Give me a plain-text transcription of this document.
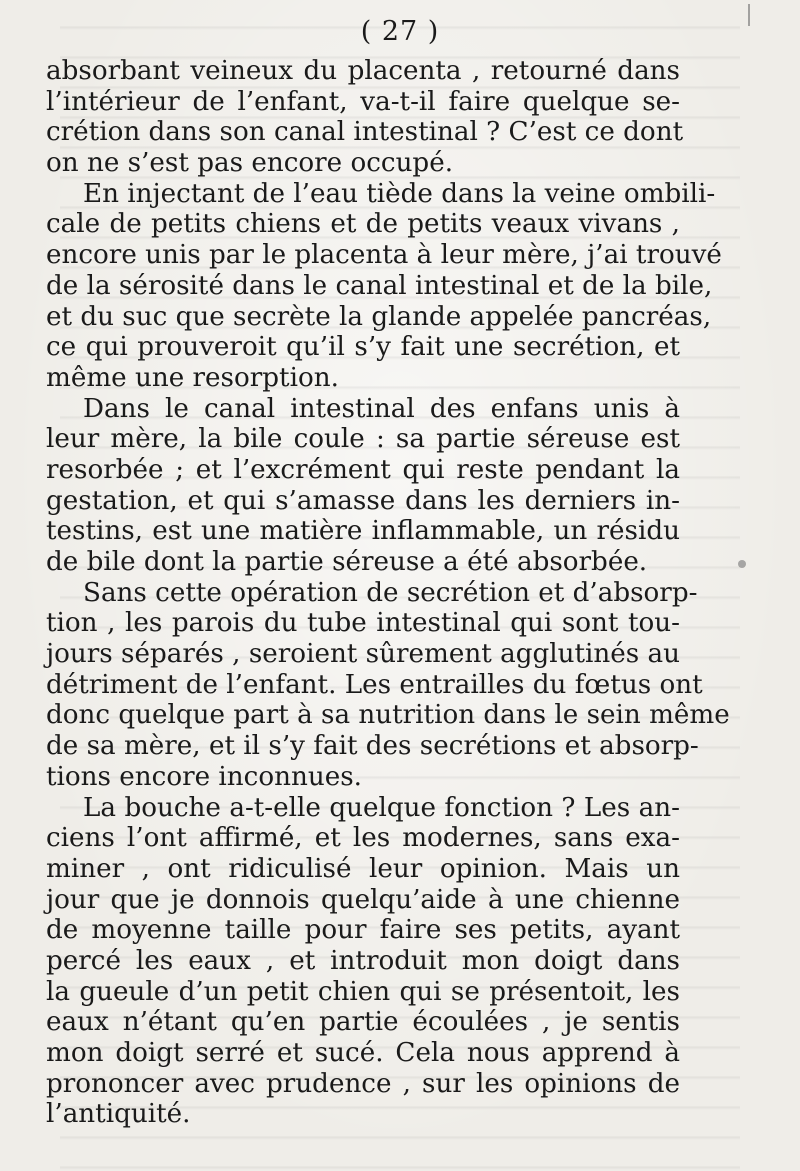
( 27 )
absorbant veineux du placenta , retourné dans
l’intérieur de l’enfant, va-t-il faire quelque se-
crétion dans son canal intestinal ? C’est ce dont
on ne s’est pas encore occupé.
En injectant de l’eau tiède dans la veine ombili-
cale de petits chiens et de petits veaux vivans ,
encore unis par le placenta à leur mère, j’ai trouvé
de la sérosité dans le canal intestinal et de la bile,
et du suc que secrète la glande appelée pancréas,
ce qui prouveroit qu’il s’y fait une secrétion, et
même une resorption.
Dans le canal intestinal des enfans unis à
leur mère, la bile coule : sa partie séreuse est
resorbée ; et l’excrément qui reste pendant la
gestation, et qui s’amasse dans les derniers in-
testins, est une matière inflammable, un résidu
de bile dont la partie séreuse a été absorbée.
Sans cette opération de secrétion et d’absorp-
tion , les parois du tube intestinal qui sont tou-
jours séparés , seroient sûrement agglutinés au
détriment de l’enfant. Les entrailles du fœtus ont
donc quelque part à sa nutrition dans le sein même
de sa mère, et il s’y fait des secrétions et absorp-
tions encore inconnues.
La bouche a-t-elle quelque fonction ? Les an-
ciens l’ont affirmé, et les modernes, sans exa-
miner , ont ridiculisé leur opinion. Mais un
jour que je donnois quelqu’aide à une chienne
de moyenne taille pour faire ses petits, ayant
percé les eaux , et introduit mon doigt dans
la gueule d’un petit chien qui se présentoit, les
eaux n’étant qu’en partie écoulées , je sentis
mon doigt serré et sucé. Cela nous apprend à
prononcer avec prudence , sur les opinions de
l’antiquité.
